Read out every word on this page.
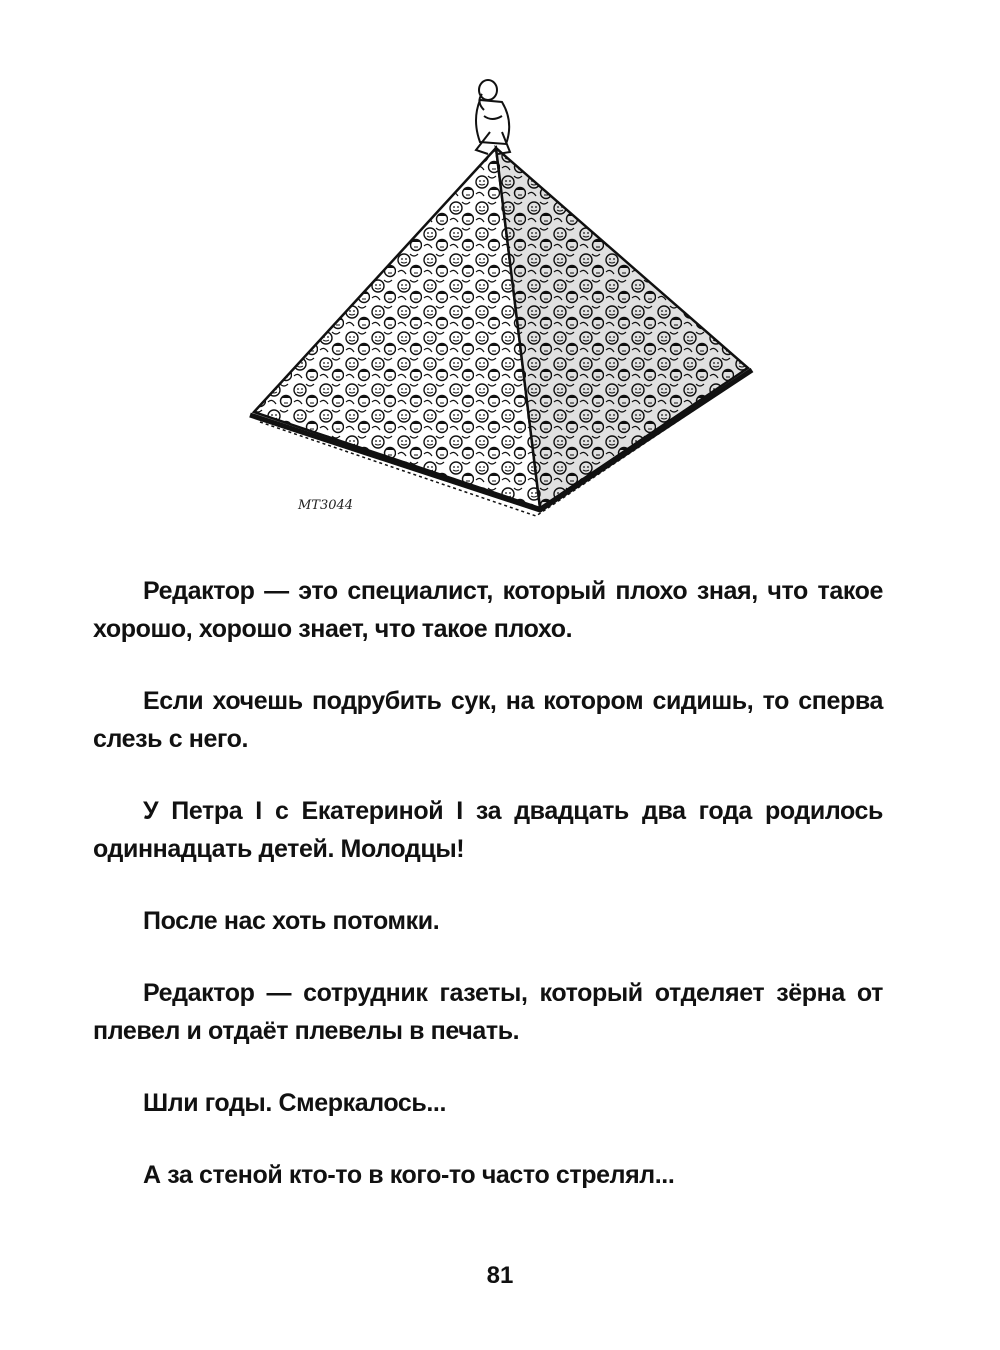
МТ3044

Редактор — это специалист, который плохо зная, что такое хорошо, хорошо знает, что такое плохо.

Если хочешь подрубить сук, на котором сидишь, то сперва слезь с него.

У Петра I с Екатериной I за двадцать два года родилось одиннадцать детей. Молодцы!

После нас хоть потомки.

Редактор — сотрудник газеты, который отделяет зёрна от плевел и отдаёт плевелы в печать.

Шли годы. Смеркалось...

А за стеной кто-то в кого-то часто стрелял...

81
